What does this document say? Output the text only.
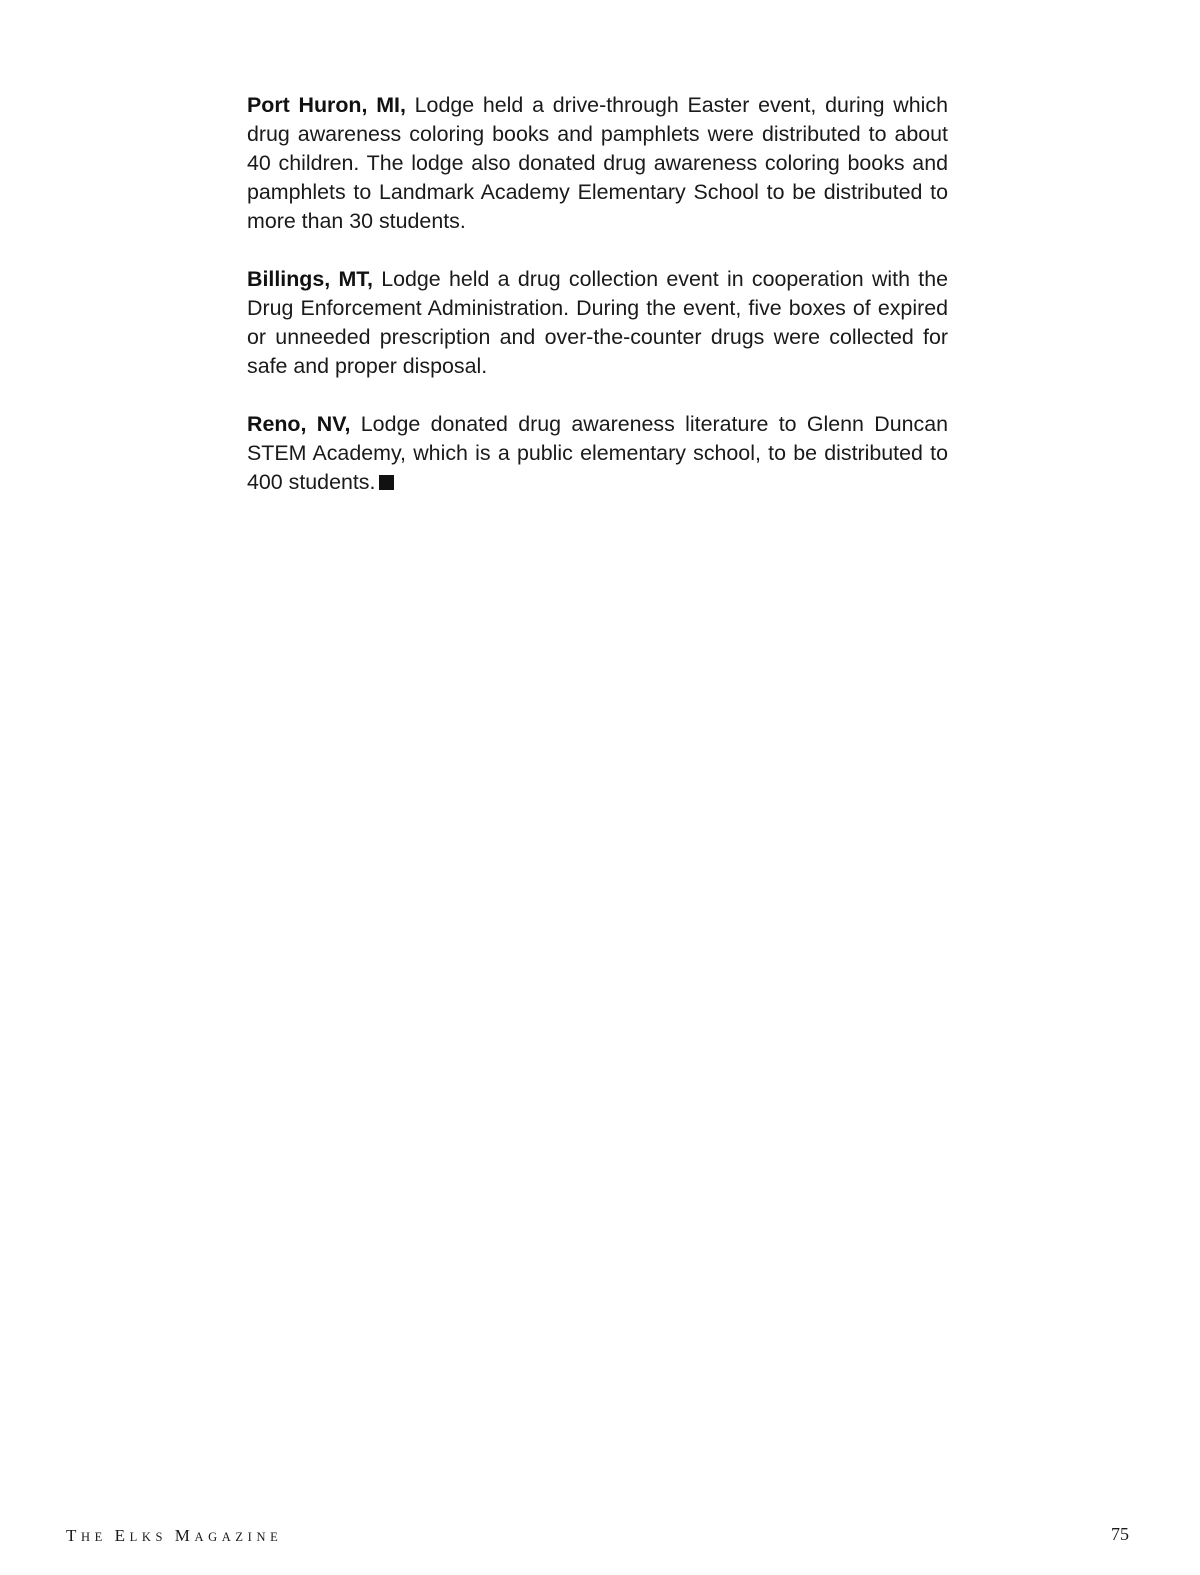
Port Huron, MI, Lodge held a drive-through Easter event, during which drug awareness coloring books and pamphlets were distributed to about 40 children. The lodge also donated drug awareness coloring books and pamphlets to Landmark Academy Elementary School to be distributed to more than 30 students.

Billings, MT, Lodge held a drug collection event in cooperation with the Drug Enforcement Administration. During the event, five boxes of expired or unneeded prescription and over-the-counter drugs were collected for safe and proper disposal.

Reno, NV, Lodge donated drug awareness literature to Glenn Duncan STEM Academy, which is a public elementary school, to be distributed to 400 students.

THE ELKS MAGAZINE	75
